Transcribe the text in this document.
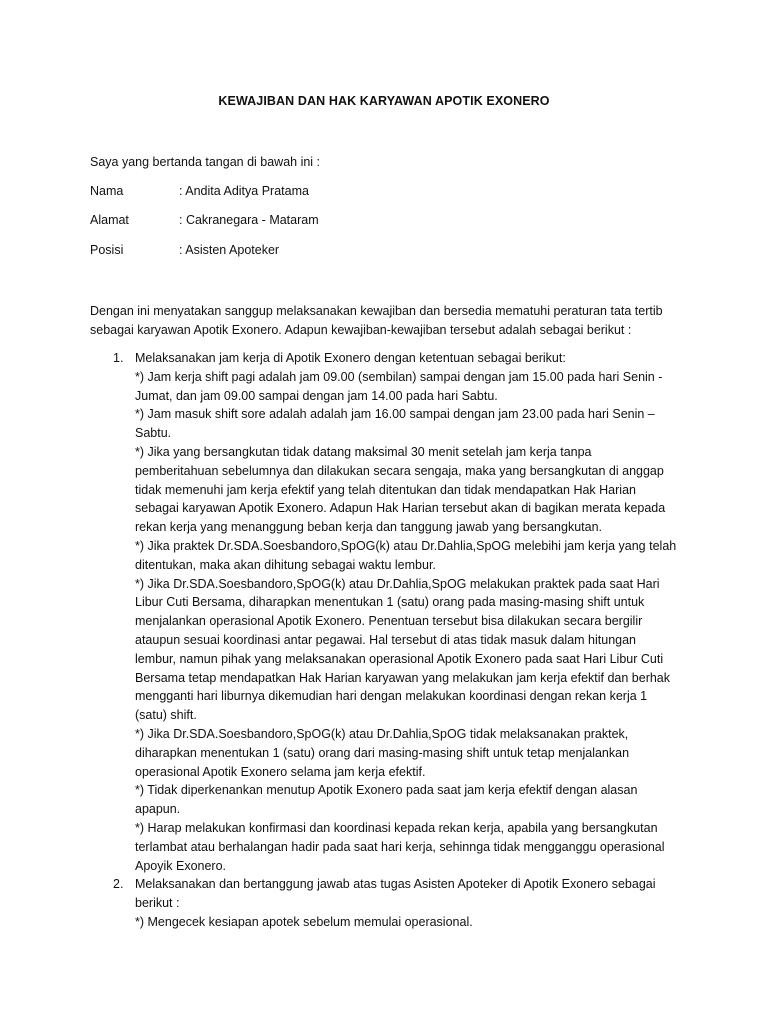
KEWAJIBAN DAN HAK KARYAWAN APOTIK EXONERO
Saya yang bertanda tangan di bawah ini :
Nama	: Andita Aditya Pratama
Alamat	: Cakranegara - Mataram
Posisi	: Asisten Apoteker
Dengan ini menyatakan sanggup melaksanakan kewajiban dan bersedia mematuhi peraturan tata tertib
sebagai karyawan Apotik Exonero. Adapun kewajiban-kewajiban tersebut adalah sebagai berikut :
1. Melaksanakan jam kerja di Apotik Exonero dengan ketentuan sebagai berikut:
*) Jam kerja shift pagi adalah jam 09.00 (sembilan) sampai dengan jam 15.00 pada hari Senin -
Jumat, dan jam 09.00 sampai dengan jam 14.00 pada hari Sabtu.
*) Jam masuk shift sore adalah adalah jam 16.00 sampai dengan jam 23.00 pada hari Senin –
Sabtu.
*) Jika yang bersangkutan tidak datang maksimal 30 menit setelah jam kerja tanpa
pemberitahuan sebelumnya dan dilakukan secara sengaja, maka yang bersangkutan di anggap
tidak memenuhi jam kerja efektif yang telah ditentukan dan tidak mendapatkan Hak Harian
sebagai karyawan Apotik Exonero. Adapun Hak Harian tersebut akan di bagikan merata kepada
rekan kerja yang menanggung beban kerja dan tanggung jawab yang bersangkutan.
*) Jika praktek Dr.SDA.Soesbandoro,SpOG(k) atau Dr.Dahlia,SpOG melebihi jam kerja yang telah
ditentukan, maka akan dihitung sebagai waktu lembur.
*) Jika Dr.SDA.Soesbandoro,SpOG(k) atau Dr.Dahlia,SpOG melakukan praktek pada saat Hari
Libur Cuti Bersama, diharapkan menentukan 1 (satu) orang pada masing-masing shift untuk
menjalankan operasional Apotik Exonero. Penentuan tersebut bisa dilakukan secara bergilir
ataupun sesuai koordinasi antar pegawai. Hal tersebut di atas tidak masuk dalam hitungan
lembur, namun pihak yang melaksanakan operasional Apotik Exonero pada saat Hari Libur Cuti
Bersama tetap mendapatkan Hak Harian karyawan yang melakukan jam kerja efektif dan berhak
mengganti hari liburnya dikemudian hari dengan melakukan koordinasi dengan rekan kerja 1
(satu) shift.
*) Jika Dr.SDA.Soesbandoro,SpOG(k) atau Dr.Dahlia,SpOG tidak melaksanakan praktek,
diharapkan menentukan 1 (satu) orang dari masing-masing shift untuk tetap menjalankan
operasional Apotik Exonero selama jam kerja efektif.
*) Tidak diperkenankan menutup Apotik Exonero pada saat jam kerja efektif dengan alasan
apapun.
*) Harap melakukan konfirmasi dan koordinasi kepada rekan kerja, apabila yang bersangkutan
terlambat atau berhalangan hadir pada saat hari kerja, sehinnga tidak mengganggu operasional
Apoyik Exonero.
2. Melaksanakan dan bertanggung jawab atas tugas Asisten Apoteker di Apotik Exonero sebagai
berikut :
*) Mengecek kesiapan apotek sebelum memulai operasional.
